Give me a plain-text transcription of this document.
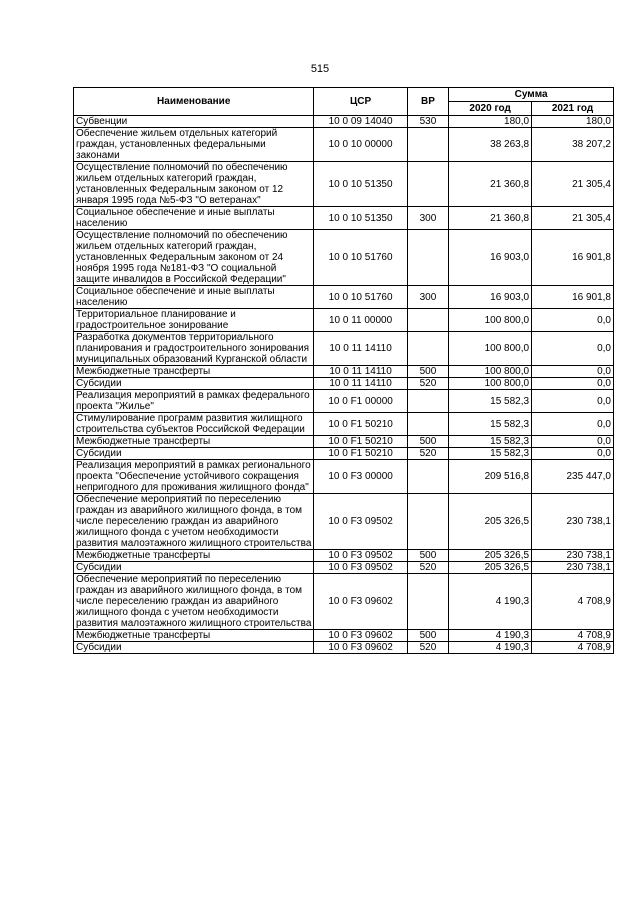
515
Наименование	ЦСР	ВР	Сумма	
			2020 год	2021 год
Субвенции	10 0 09 14040	530	180,0	180,0
Обеспечение жильем отдельных категорий граждан, установленных федеральными законами	10 0 10 00000		38 263,8	38 207,2
Осуществление полномочий по обеспечению жильем отдельных категорий граждан, установленных Федеральным законом от 12 января 1995 года №5-ФЗ "О ветеранах"	10 0 10 51350		21 360,8	21 305,4
Социальное обеспечение и иные выплаты населению	10 0 10 51350	300	21 360,8	21 305,4
Осуществление полномочий по обеспечению жильем отдельных категорий граждан, установленных Федеральным законом от 24 ноября 1995 года №181-ФЗ "О социальной защите инвалидов в Российской Федерации"	10 0 10 51760		16 903,0	16 901,8
Социальное обеспечение и иные выплаты населению	10 0 10 51760	300	16 903,0	16 901,8
Территориальное планирование и градостроительное зонирование	10 0 11 00000		100 800,0	0,0
Разработка документов территориального планирования и градостроительного зонирования муниципальных образований Курганской области	10 0 11 14110		100 800,0	0,0
Межбюджетные трансферты	10 0 11 14110	500	100 800,0	0,0
Субсидии	10 0 11 14110	520	100 800,0	0,0
Реализация мероприятий в рамках федерального проекта "Жилье"	10 0 F1 00000		15 582,3	0,0
Стимулирование программ развития жилищного строительства субъектов Российской Федерации	10 0 F1 50210		15 582,3	0,0
Межбюджетные трансферты	10 0 F1 50210	500	15 582,3	0,0
Субсидии	10 0 F1 50210	520	15 582,3	0,0
Реализация мероприятий в рамках регионального проекта "Обеспечение устойчивого сокращения непригодного для проживания жилищного фонда"	10 0 F3 00000		209 516,8	235 447,0
Обеспечение мероприятий по переселению граждан из аварийного жилищного фонда, в том числе переселению граждан из аварийного жилищного фонда с учетом необходимости развития малоэтажного жилищного строительства	10 0 F3 09502		205 326,5	230 738,1
Межбюджетные трансферты	10 0 F3 09502	500	205 326,5	230 738,1
Субсидии	10 0 F3 09502	520	205 326,5	230 738,1
Обеспечение мероприятий по переселению граждан из аварийного жилищного фонда, в том числе переселению граждан из аварийного жилищного фонда с учетом необходимости развития малоэтажного жилищного строительства	10 0 F3 09602		4 190,3	4 708,9
Межбюджетные трансферты	10 0 F3 09602	500	4 190,3	4 708,9
Субсидии	10 0 F3 09602	520	4 190,3	4 708,9
